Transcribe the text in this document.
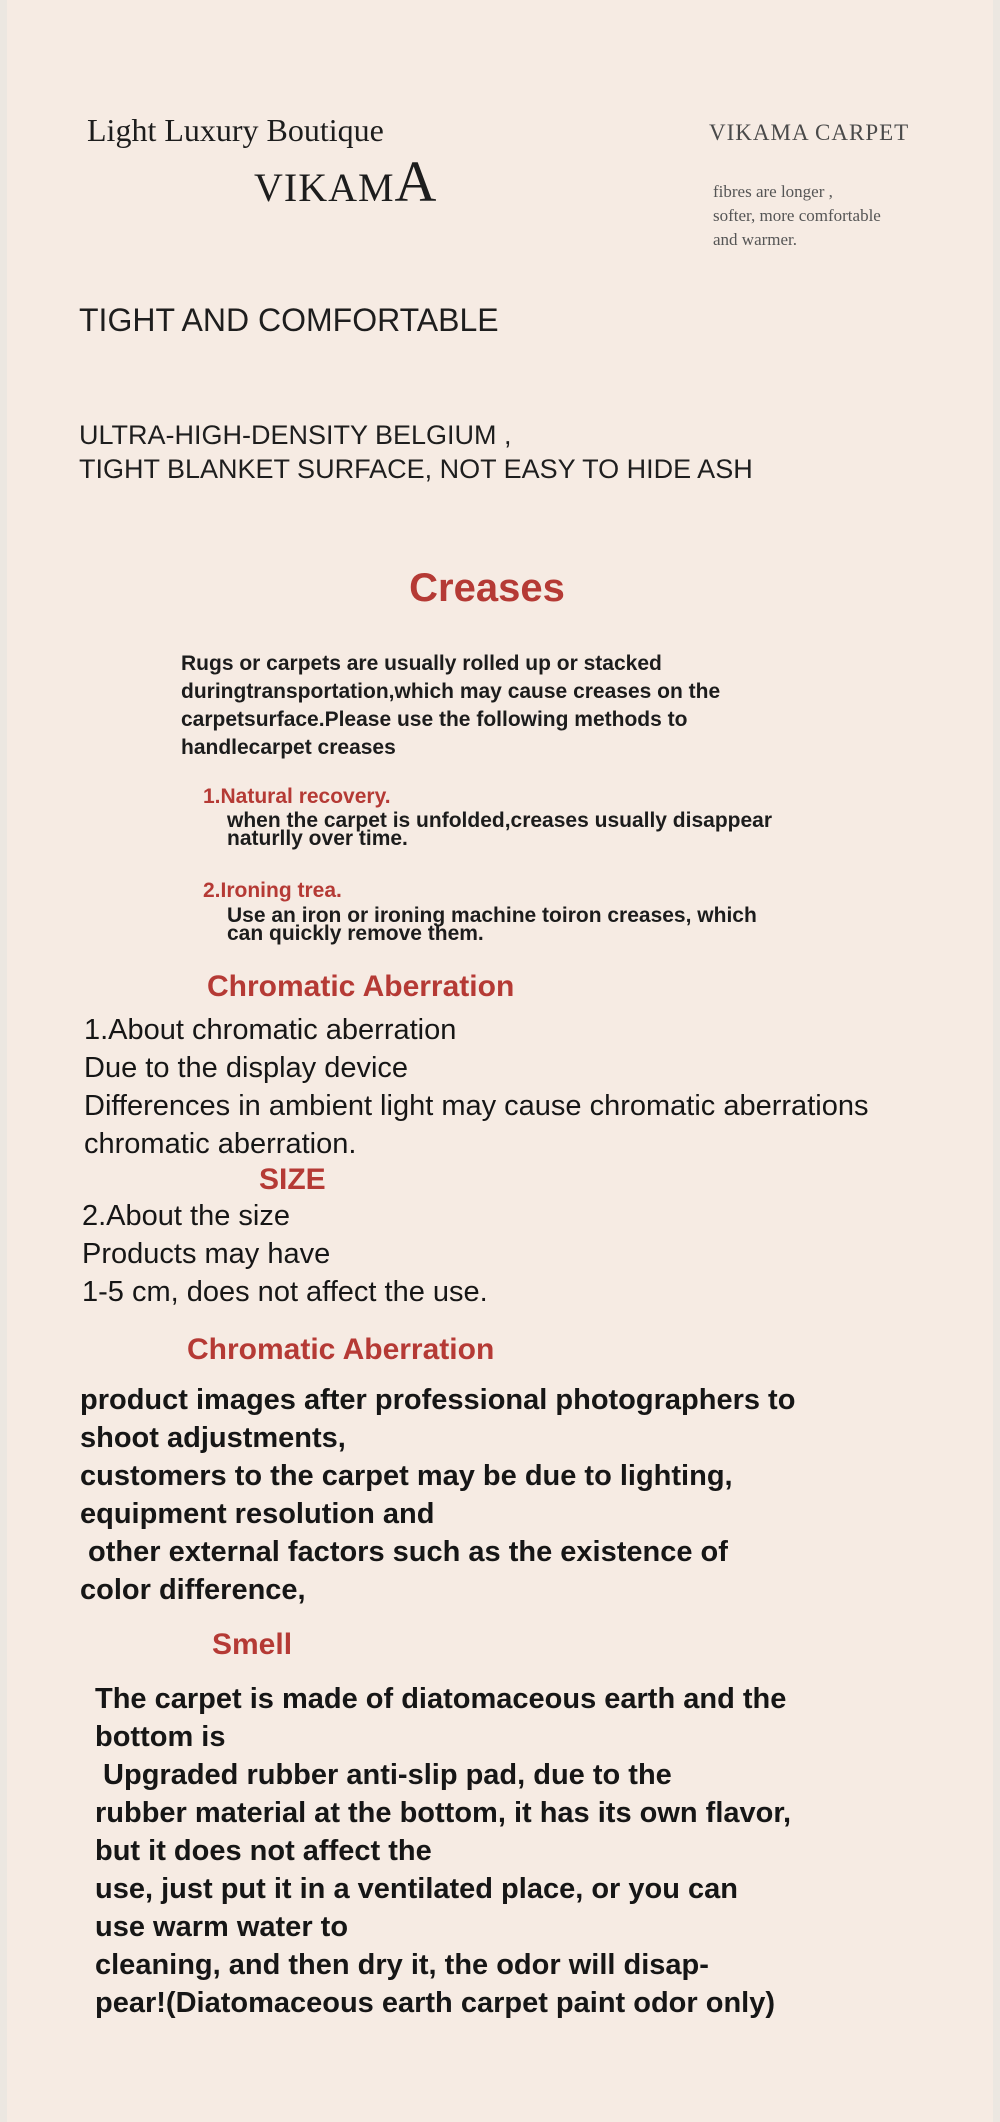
Light Luxury Boutique
VIKAMA
VIKAMA CARPET
fibres are longer ,
softer, more comfortable
and warmer.
TIGHT AND COMFORTABLE
ULTRA-HIGH-DENSITY BELGIUM ,
TIGHT BLANKET SURFACE, NOT EASY TO HIDE ASH
Creases
Rugs or carpets are usually rolled up or stacked
duringtransportation,which may cause creases on the
carpetsurface.Please use the following methods to
handlecarpet creases
1.Natural recovery.
when the carpet is unfolded,creases usually disappear
naturlly over time.
2.Ironing trea.
Use an iron or ironing machine toiron creases, which
can quickly remove them.
Chromatic Aberration
1.About chromatic aberration
Due to the display device
Differences in ambient light may cause chromatic aberrations
chromatic aberration.
SIZE
2.About the size
Products may have
1-5 cm, does not affect the use.
Chromatic Aberration
product images after professional photographers to
shoot adjustments,
customers to the carpet may be due to lighting,
equipment resolution and
other external factors such as the existence of
color difference,
Smell
The carpet is made of diatomaceous earth and the
bottom is
Upgraded rubber anti-slip pad, due to the
rubber material at the bottom, it has its own flavor,
but it does not affect the
use, just put it in a ventilated place, or you can
use warm water to
cleaning, and then dry it, the odor will disap-
pear!(Diatomaceous earth carpet paint odor only)
